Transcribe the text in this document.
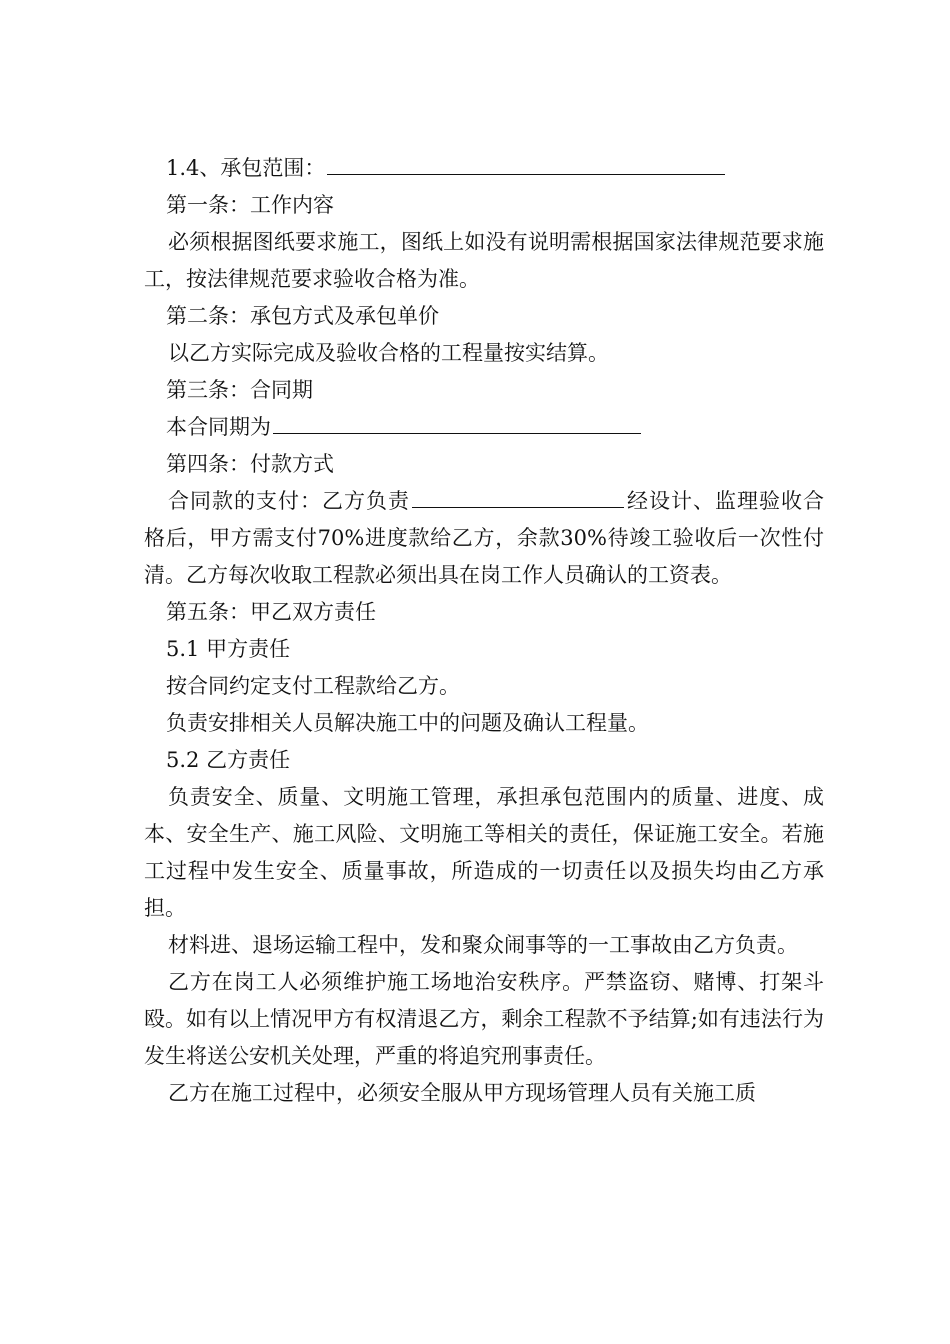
1.4、承包范围：

第一条：工作内容

必须根据图纸要求施工，图纸上如没有说明需根据国家法律规范要求施工，按法律规范要求验收合格为准。

第二条：承包方式及承包单价

以乙方实际完成及验收合格的工程量按实结算。

第三条：合同期

本合同期为

第四条：付款方式

合同款的支付：乙方负责	经设计、监理验收合格后，甲方需支付70%进度款给乙方，余款30%待竣工验收后一次性付清。乙方每次收取工程款必须出具在岗工作人员确认的工资表。

第五条：甲乙双方责任

5.1 甲方责任

按合同约定支付工程款给乙方。

负责安排相关人员解决施工中的问题及确认工程量。

5.2 乙方责任

负责安全、质量、文明施工管理，承担承包范围内的质量、进度、成本、安全生产、施工风险、文明施工等相关的责任，保证施工安全。若施工过程中发生安全、质量事故，所造成的一切责任以及损失均由乙方承担。

材料进、退场运输工程中，发和聚众闹事等的一工事故由乙方负责。

乙方在岗工人必须维护施工场地治安秩序。严禁盗窃、赌博、打架斗殴。如有以上情况甲方有权清退乙方，剩余工程款不予结算;如有违法行为发生将送公安机关处理，严重的将追究刑事责任。

乙方在施工过程中，必须安全服从甲方现场管理人员有关施工质
